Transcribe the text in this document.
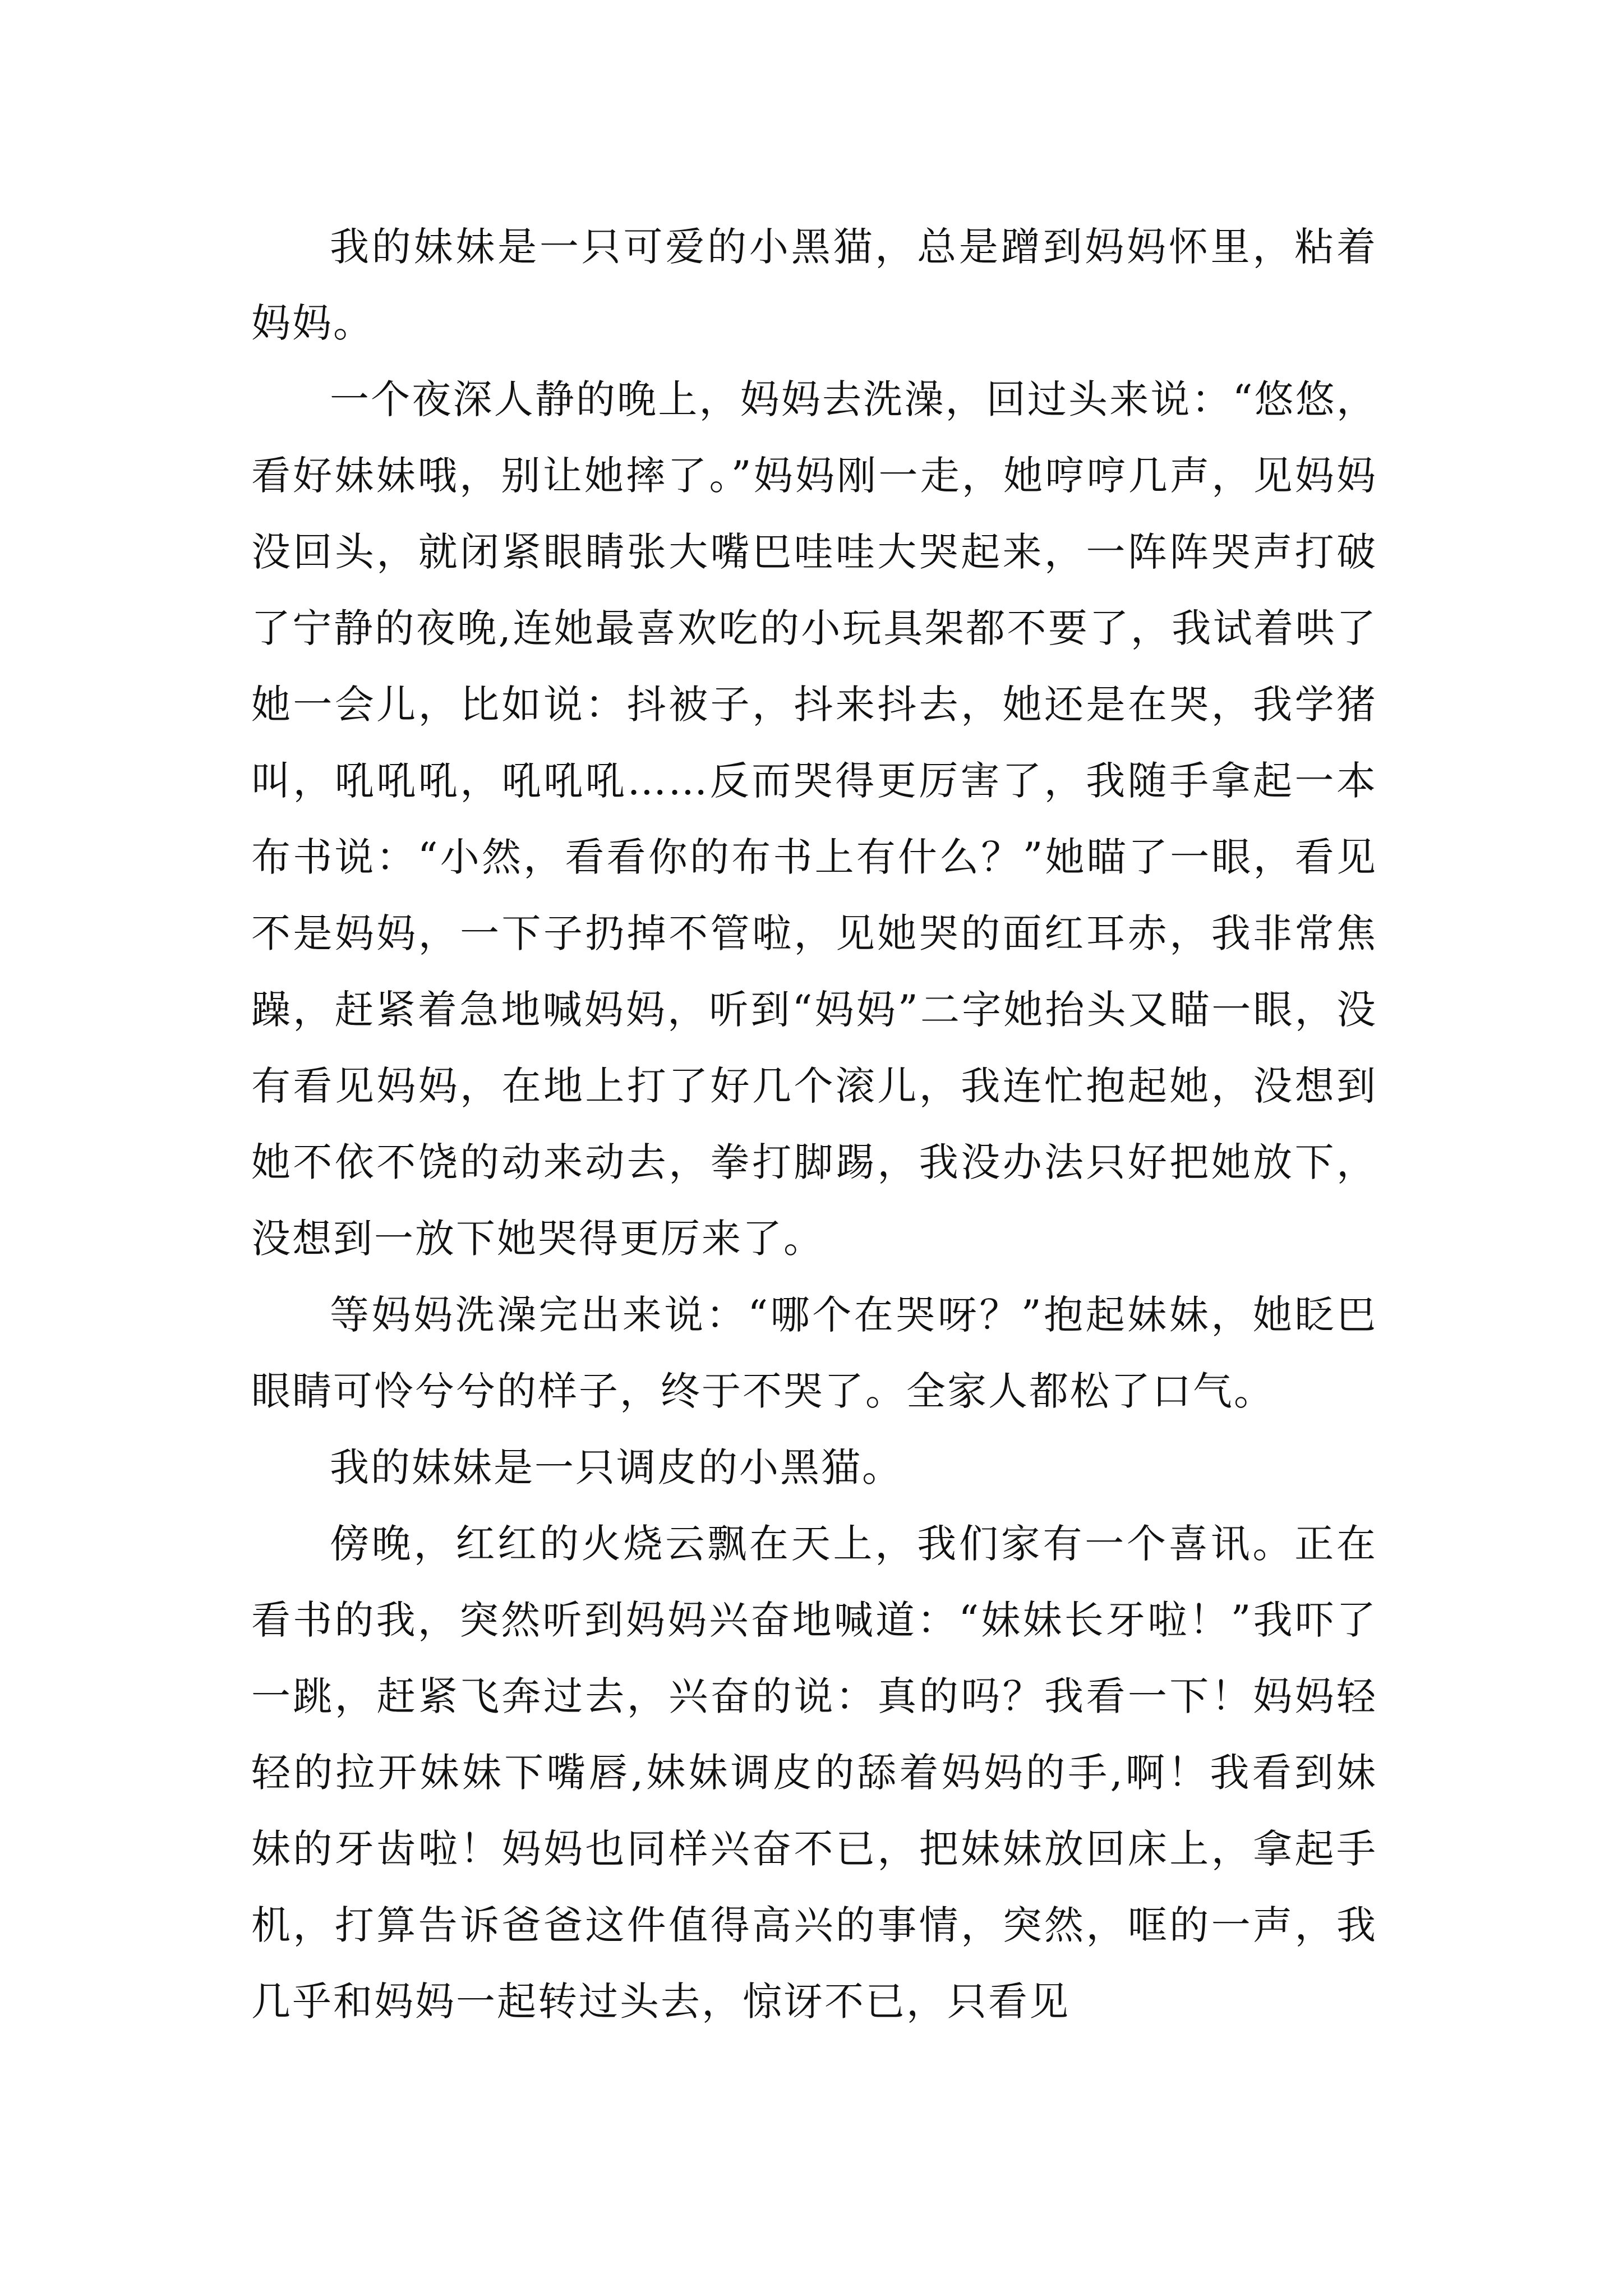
我的妹妹是一只可爱的小黑猫，总是蹭到妈妈怀里，粘着妈妈。

一个夜深人静的晚上，妈妈去洗澡，回过头来说：“悠悠，看好妹妹哦，别让她摔了。”妈妈刚一走，她哼哼几声，见妈妈没回头，就闭紧眼睛张大嘴巴哇哇大哭起来，一阵阵哭声打破了宁静的夜晚,连她最喜欢吃的小玩具架都不要了，我试着哄了她一会儿，比如说：抖被子，抖来抖去，她还是在哭，我学猪叫，吼吼吼，吼吼吼……反而哭得更厉害了，我随手拿起一本布书说：“小然，看看你的布书上有什么？”她瞄了一眼，看见不是妈妈，一下子扔掉不管啦，见她哭的面红耳赤，我非常焦躁，赶紧着急地喊妈妈，听到“妈妈”二字她抬头又瞄一眼，没有看见妈妈，在地上打了好几个滚儿，我连忙抱起她，没想到她不依不饶的动来动去，拳打脚踢，我没办法只好把她放下，没想到一放下她哭得更厉来了。

等妈妈洗澡完出来说：“哪个在哭呀？”抱起妹妹，她眨巴眼睛可怜兮兮的样子，终于不哭了。全家人都松了口气。

我的妹妹是一只调皮的小黑猫。

傍晚，红红的火烧云飘在天上，我们家有一个喜讯。正在看书的我，突然听到妈妈兴奋地喊道：“妹妹长牙啦！”我吓了一跳，赶紧飞奔过去，兴奋的说：真的吗？我看一下！妈妈轻轻的拉开妹妹下嘴唇,妹妹调皮的舔着妈妈的手,啊！我看到妹妹的牙齿啦！妈妈也同样兴奋不已，把妹妹放回床上，拿起手机，打算告诉爸爸这件值得高兴的事情，突然，哐的一声，我几乎和妈妈一起转过头去，惊讶不已，只看见
